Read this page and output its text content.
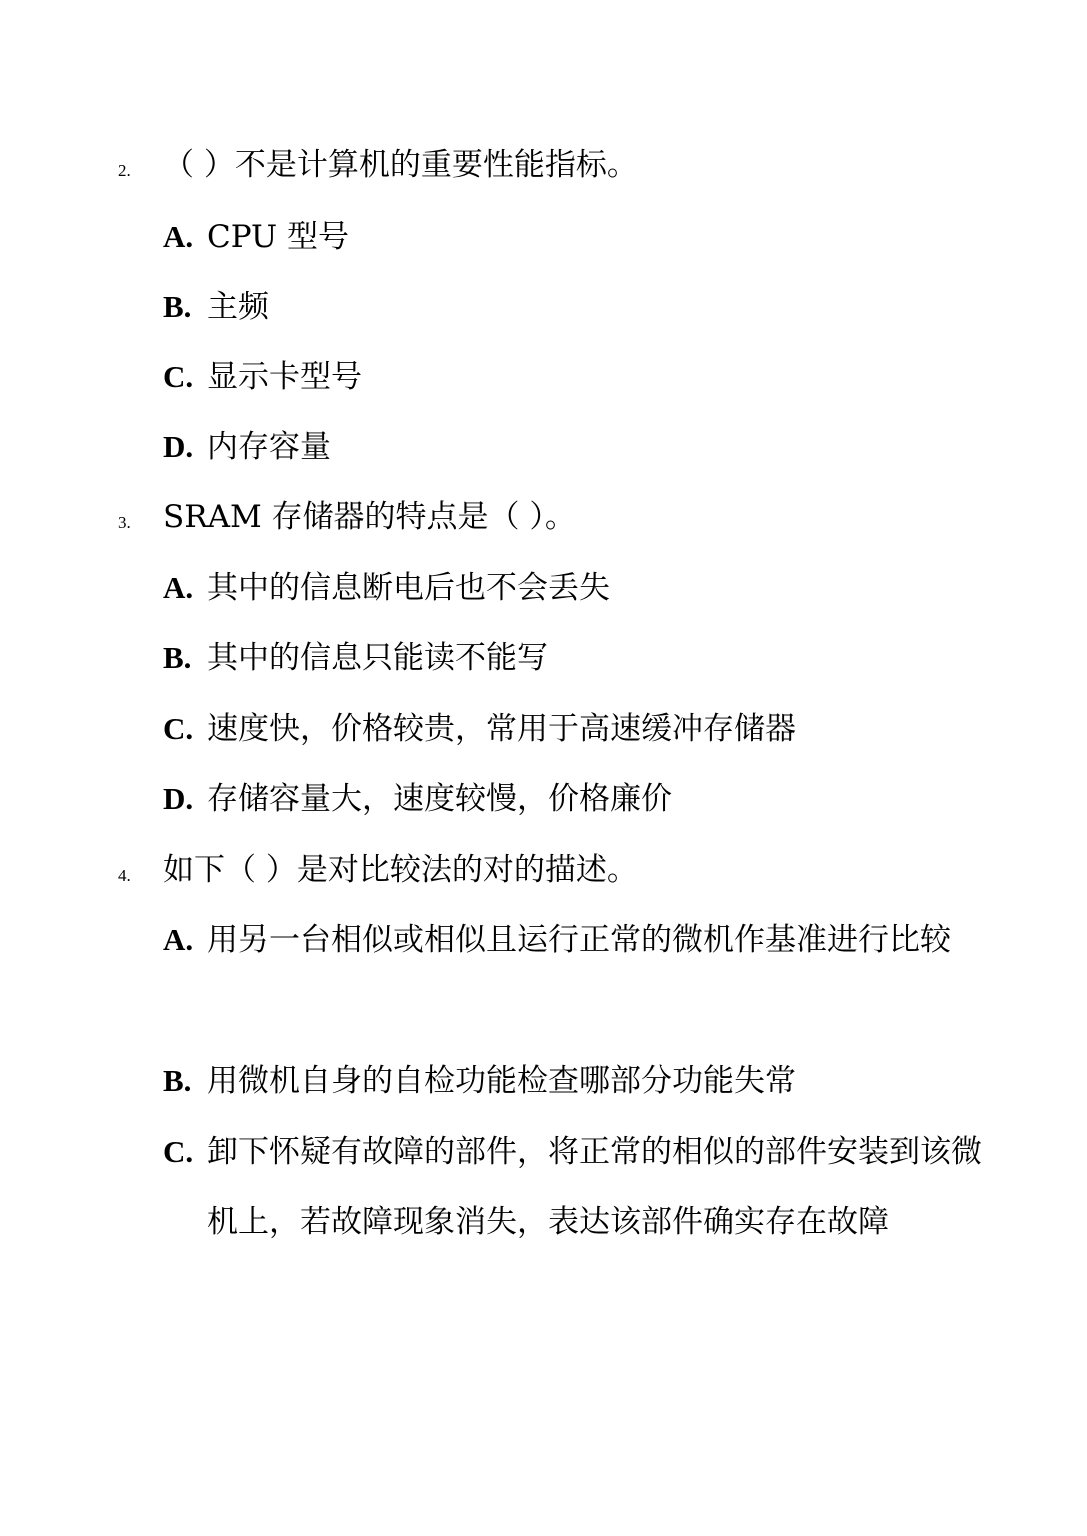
2. （ ）不是计算机的重要性能指标。
A. CPU 型号
B. 主频
C. 显示卡型号
D. 内存容量
3. SRAM 存储器的特点是（ ）。
A. 其中的信息断电后也不会丢失
B. 其中的信息只能读不能写
C. 速度快，价格较贵，常用于高速缓冲存储器
D. 存储容量大，速度较慢，价格廉价
4. 如下（ ）是对比较法的对的描述。
A. 用另一台相似或相似且运行正常的微机作基准进行比较
B. 用微机自身的自检功能检查哪部分功能失常
C. 卸下怀疑有故障的部件，将正常的相似的部件安装到该微机上，若故障现象消失，表达该部件确实存在故障
